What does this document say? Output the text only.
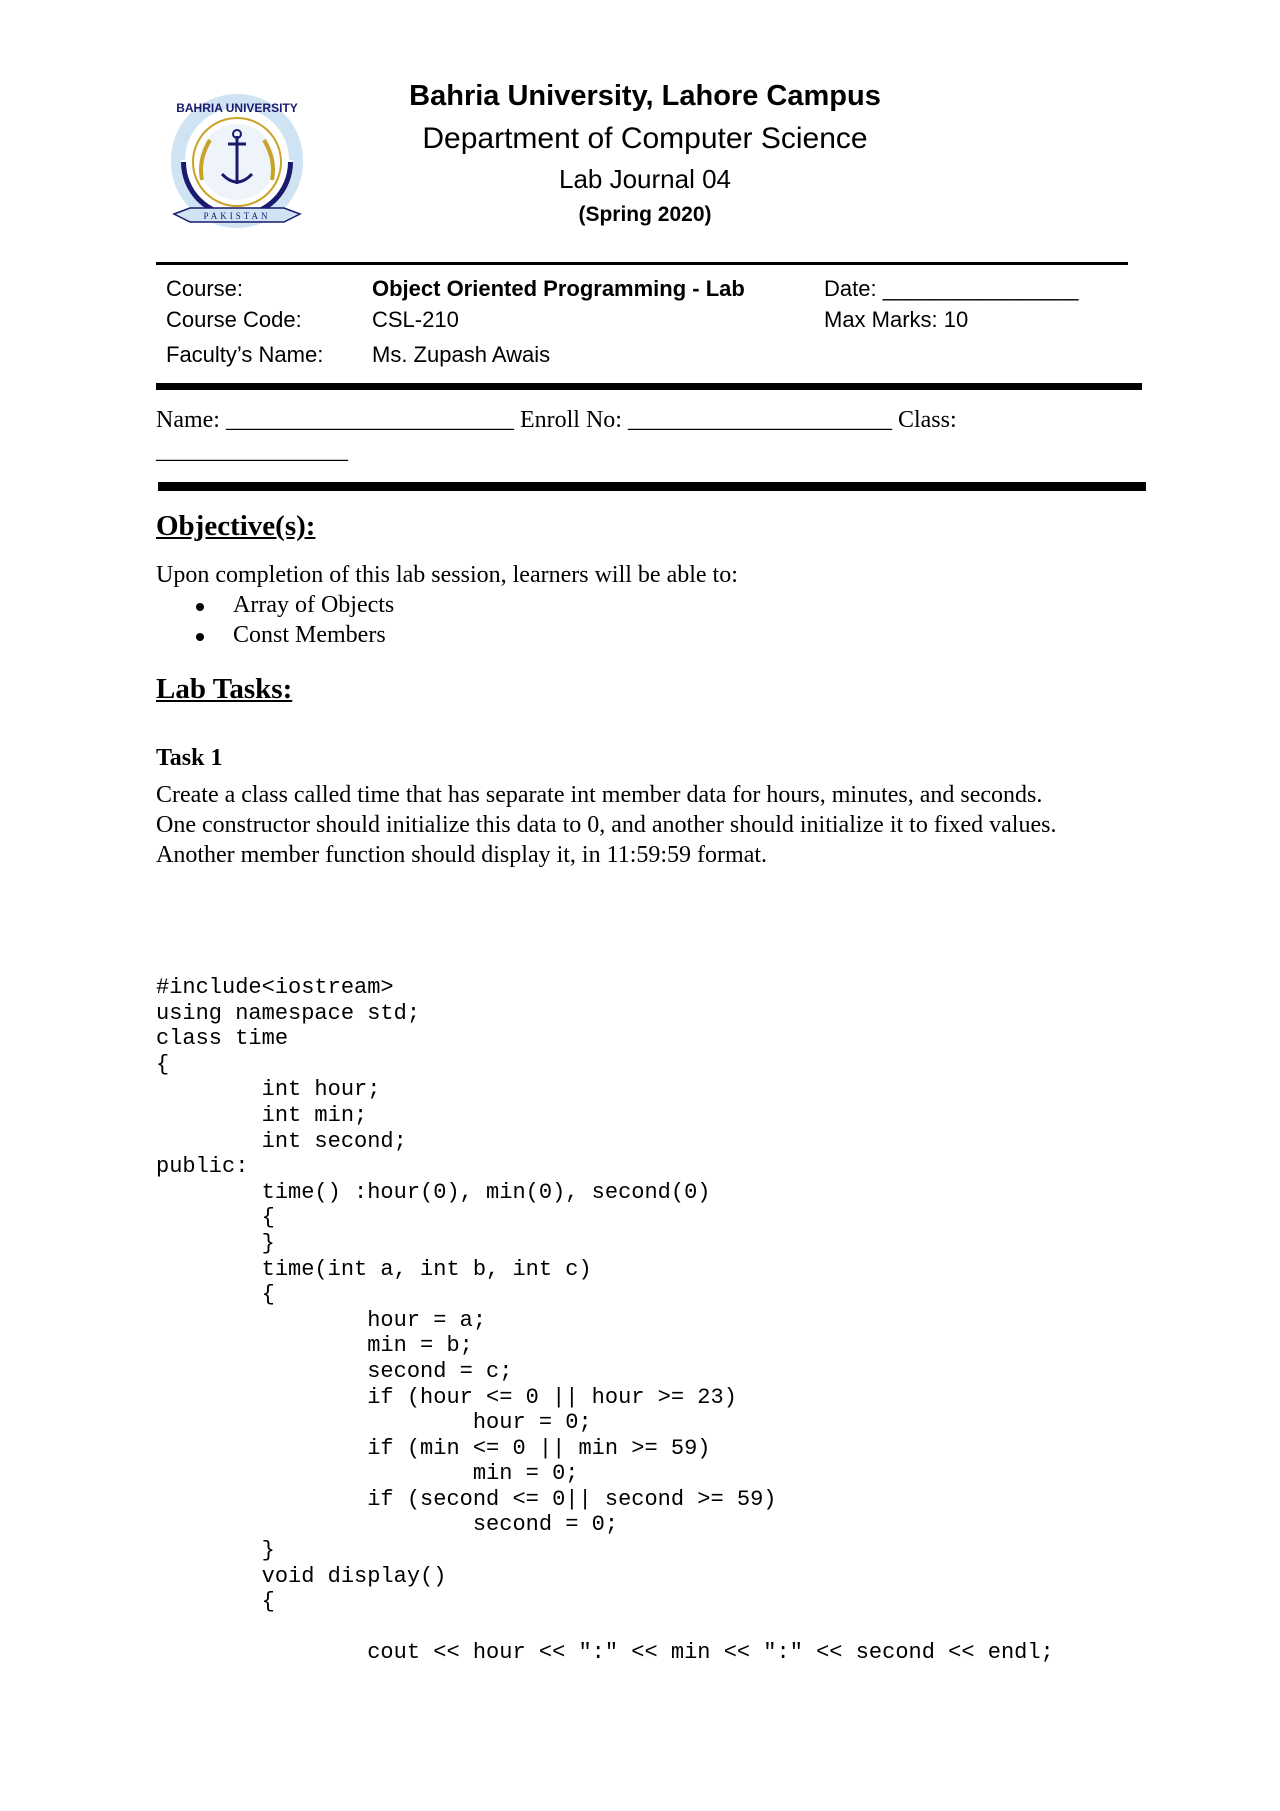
BAHRIA UNIVERSITY
PAKISTAN
Bahria University, Lahore Campus
Department of Computer Science
Lab Journal 04
(Spring 2020)
Course:	Object Oriented Programming - Lab	Date: ________________
Course Code:	CSL-210	Max Marks: 10
Faculty’s Name: Ms. Zupash Awais
Name: ________________________ Enroll No: ______________________ Class:
________________
Objective(s):
Upon completion of this lab session, learners will be able to:
Array of Objects
Const Members
Lab Tasks:
Task 1
Create a class called time that has separate int member data for hours, minutes, and seconds.
One constructor should initialize this data to 0, and another should initialize it to fixed values.
Another member function should display it, in 11:59:59 format.
#include<iostream>
using namespace std;
class time
{
int hour;
int min;
int second;
public:
time() :hour(0), min(0), second(0)
{
}
time(int a, int b, int c)
{
hour = a;
min = b;
second = c;
if (hour <= 0 || hour >= 23)
hour = 0;
if (min <= 0 || min >= 59)
min = 0;
if (second <= 0|| second >= 59)
second = 0;
}
void display()
{

cout << hour << ":" << min << ":" << second << endl;
